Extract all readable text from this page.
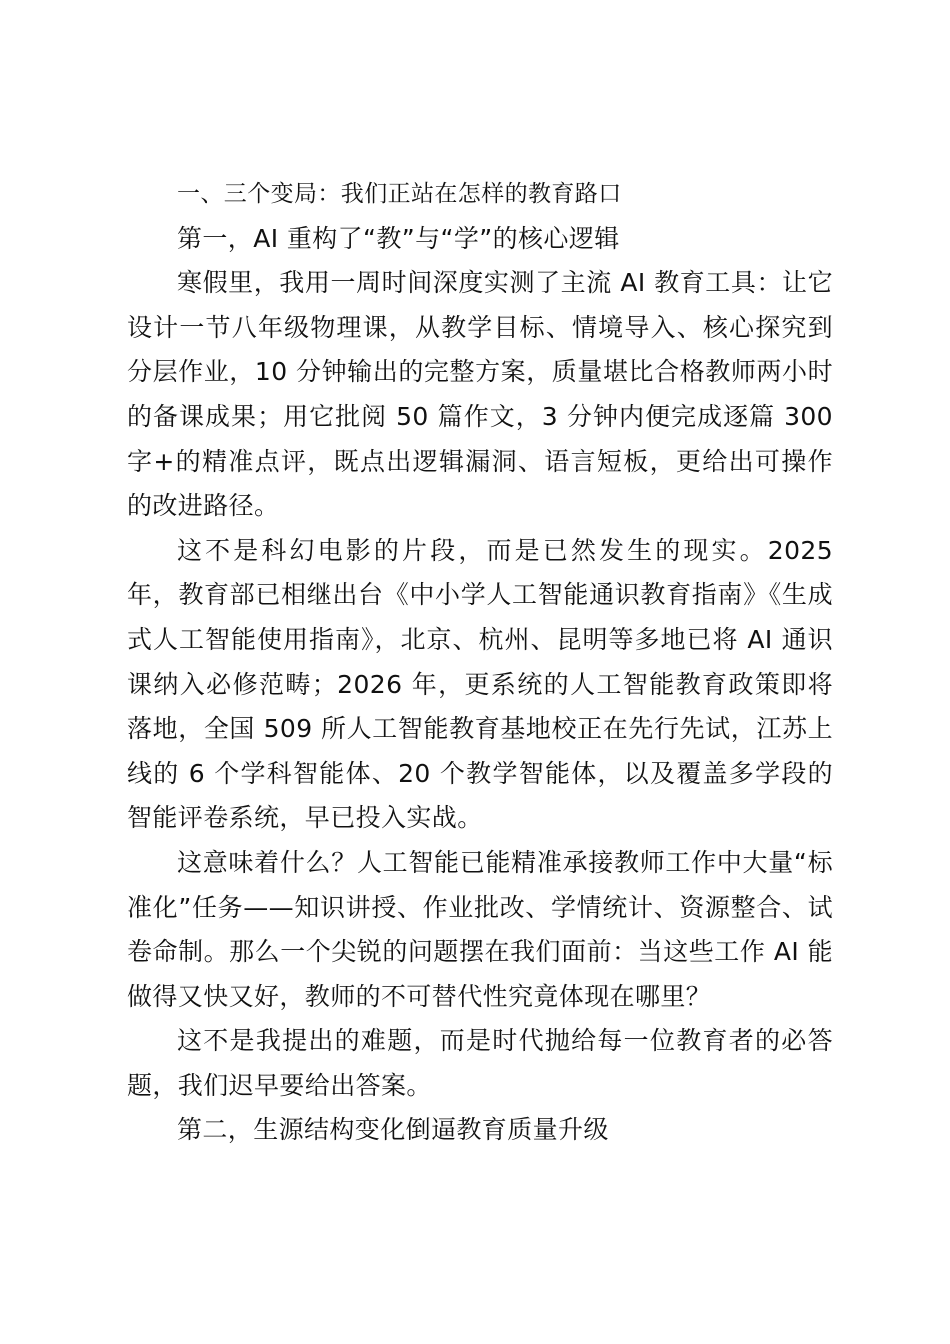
一、三个变局：我们正站在怎样的教育路口

第一，AI 重构了“教”与“学”的核心逻辑

寒假里，我用一周时间深度实测了主流 AI 教育工具：让它设计一节八年级物理课，从教学目标、情境导入、核心探究到分层作业，10 分钟输出的完整方案，质量堪比合格教师两小时的备课成果；用它批阅 50 篇作文，3 分钟内便完成逐篇 300 字+的精准点评，既点出逻辑漏洞、语言短板，更给出可操作的改进路径。

这不是科幻电影的片段，而是已然发生的现实。2025 年，教育部已相继出台《中小学人工智能通识教育指南》《生成式人工智能使用指南》，北京、杭州、昆明等多地已将 AI 通识课纳入必修范畴；2026 年，更系统的人工智能教育政策即将落地，全国 509 所人工智能教育基地校正在先行先试，江苏上线的 6 个学科智能体、20 个教学智能体，以及覆盖多学段的智能评卷系统，早已投入实战。

这意味着什么？人工智能已能精准承接教师工作中大量“标准化”任务——知识讲授、作业批改、学情统计、资源整合、试卷命制。那么一个尖锐的问题摆在我们面前：当这些工作 AI 能做得又快又好，教师的不可替代性究竟体现在哪里？

这不是我提出的难题，而是时代抛给每一位教育者的必答题，我们迟早要给出答案。

第二，生源结构变化倒逼教育质量升级
